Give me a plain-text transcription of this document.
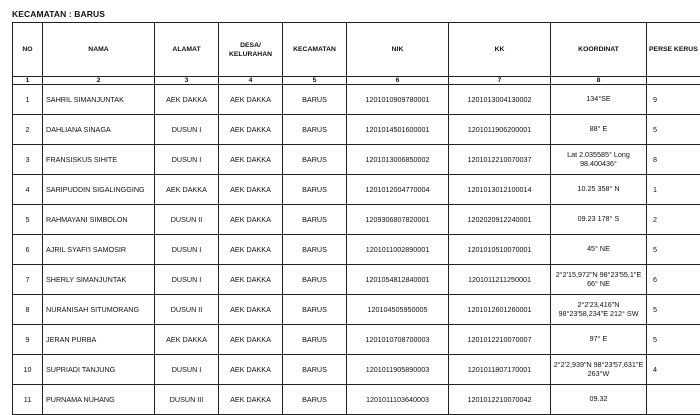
KECAMATAN : BARUS
NO	NAMA	ALAMAT	DESA/ KELURAHAN	KECAMATAN	NIK	KK	KOORDINAT	PERSE KERUS
1	2	3	4	5	6	7	8	
1	SAHRIL SIMANJUNTAK	AEK DAKKA	AEK DAKKA	BARUS	1201010909780001	1201013004130002	134°SE	9
2	DAHLIANA SINAGA	DUSUN I	AEK DAKKA	BARUS	1201014501600001	1201011906200001	88° E	5
3	FRANSISKUS SIHITE	DUSUN I	AEK DAKKA	BARUS	1201013006850002	1201012210070037	Lat 2.035585° Long 98.400436°	8
4	SARIPUDDIN SIGALINGGING	AEK DAKKA	AEK DAKKA	BARUS	1201012004770004	1201013012100014	10.25 358° N	1
5	RAHMAYANI SIMBOLON	DUSUN II	AEK DAKKA	BARUS	1209306807820001	1202020912240001	09.23 178° S	2
6	AJRIL SYAFI'I SAMOSIR	DUSUN I	AEK DAKKA	BARUS	1201011002890001	1201010510070001	45° NE	5
7	SHERLY SIMANJUNTAK	DUSUN I	AEK DAKKA	BARUS	1201054812840001	1201011211250001	2°2'15,972"N 98°23'55,1"E 66° NE	6
8	NURANISAH SITUMORANG	DUSUN II	AEK DAKKA	BARUS	120104505950005	1201012601260001	2°2'23,416"N 98°23'58,234"E 212° SW	5
9	JERAN PURBA	AEK DAKKA	AEK DAKKA	BARUS	1201010708700003	1201012210070007	97° E	5
10	SUPRIADI TANJUNG	DUSUN I	AEK DAKKA	BARUS	1201011905890003	1201011807170001	2°2'2,939"N 98°23'57,631"E 263°W	4
11	PURNAMA NUHANG	DUSUN III	AEK DAKKA	BARUS	1201011103640003	1201012210070042	09.32	
